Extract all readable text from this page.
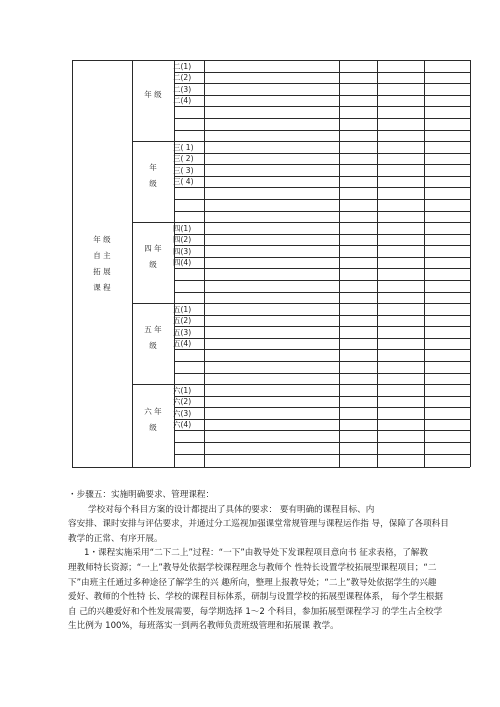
年 级
自 主
拓 展
课 程
年 级
二(1)
二(2)
二(3)
二(4)
年
级
三( 1)
三( 2)
三( 3)
三( 4)
四 年
级
四(1)
四(2)
四(3)
四(4)
五 年
级
五(1)
五(2)
五(3)
五(4)
六 年
级
六(1)
六(2)
六(3)
六(4)

・步骤五：实施明确要求、管理课程：

学校对每个科目方案的设计都提出了具体的要求： 要有明确的课程目标、内

容安排、课时安排与评估要求，并通过分工巡视加强课堂常规管理与课程运作指 导，保障了各项科目

教学的正常、有序开展。

1・课程实施采用“二下二上”过程：“一下”由教导处下发课程项目意向书 征求表格，了解教

理教师特长资源；“一上”教导处依据学校课程理念与教师个 性特长设置学校拓展型课程项目；“二

下”由班主任通过多种途径了解学生的兴 趣所向，整理上报教导处；“二上”教导处依据学生的兴趣

爱好、教师的个性特 长、学校的课程目标体系，研制与设置学校的拓展型课程体系， 每个学生根据

自 己的兴趣爱好和个性发展需要，每学期选择 1～2 个科目，参加拓展型课程学习 的学生占全校学

生比例为 100%，每班落实一到两名教师负责班级管理和拓展课 教学。
